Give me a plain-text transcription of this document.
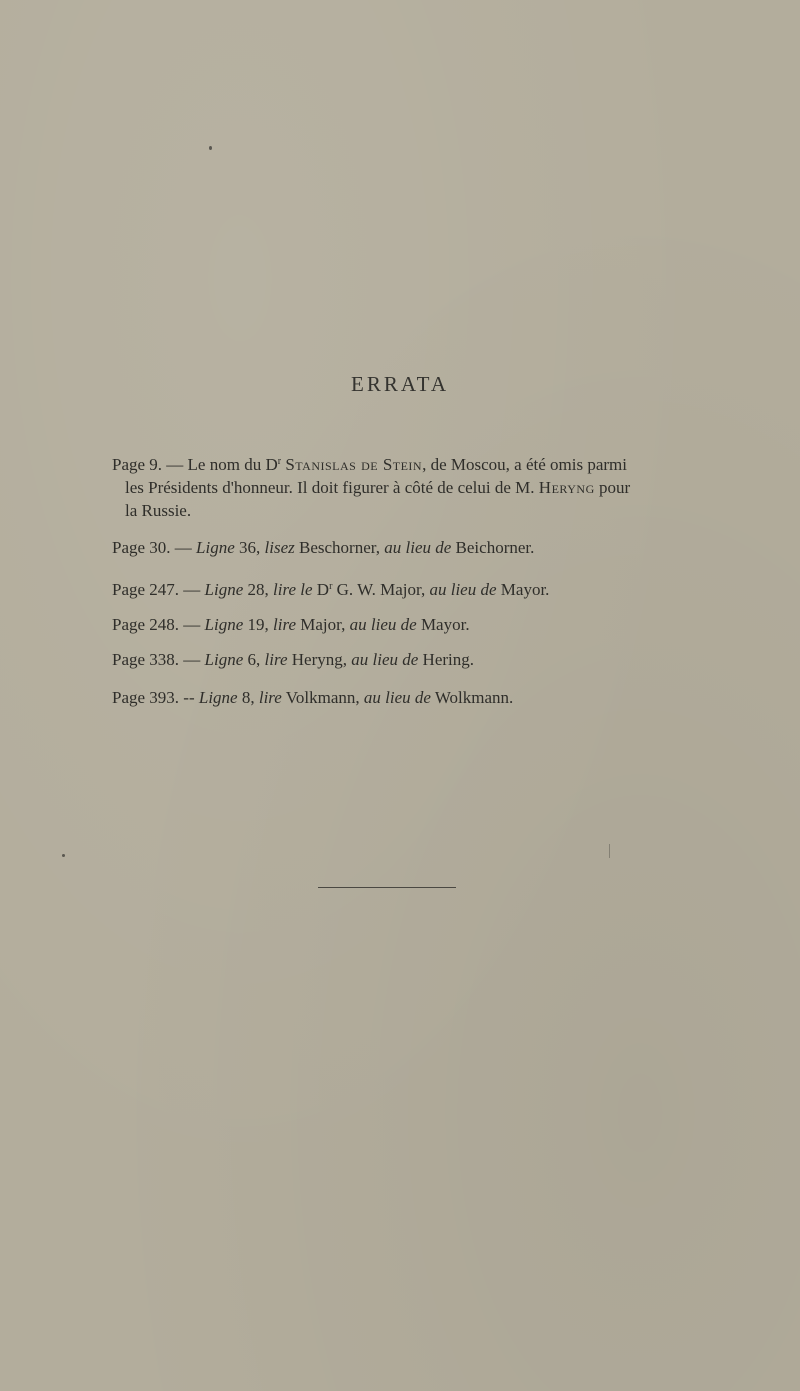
ERRATA
Page 9. — Le nom du $D^r$ Stanislas de Stein, de Moscou, a été omis parmi
les Présidents d'honneur. Il doit figurer à côté de celui de M. Heryng pour
la Russie.
Page 30. — Ligne 36, lisez Beschorner, au lieu de Beichorner.
Page 247. — Ligne 28, lire le $D^r$ G. W. Major, au lieu de Mayor.
Page 248. — Ligne 19, lire Major, au lieu de Mayor.
Page 338. — Ligne 6, lire Heryng, au lieu de Hering.
Page 393. -- Ligne 8, lire Volkmann, au lieu de Wolkmann.
